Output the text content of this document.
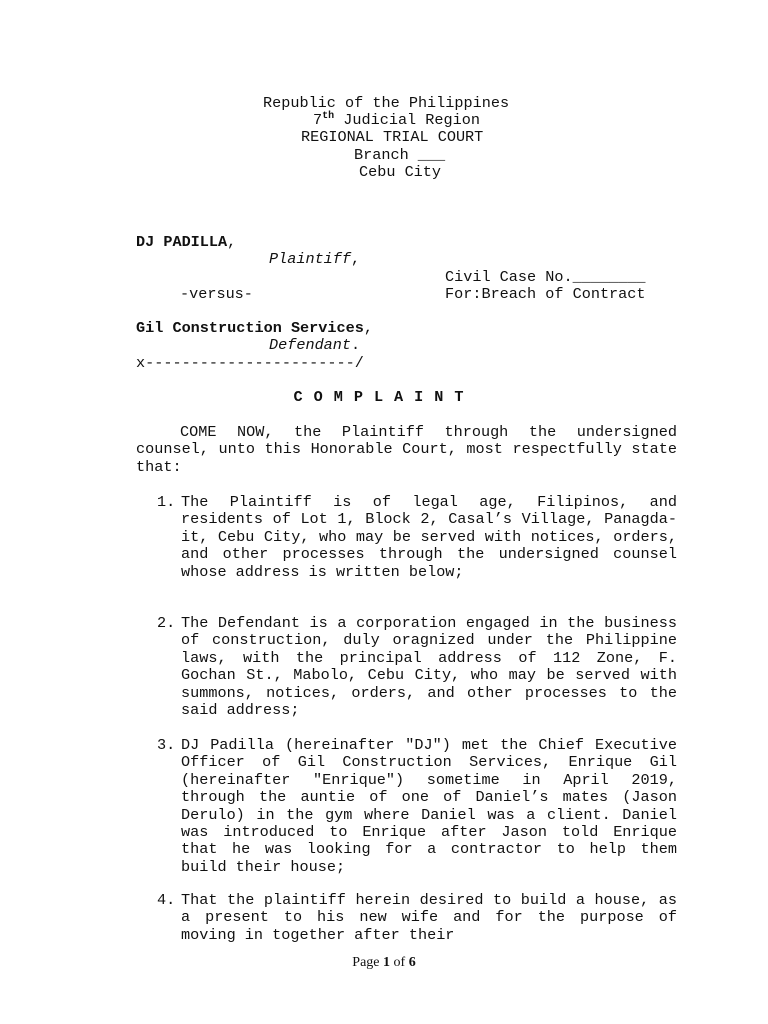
Republic of the Philippines
7th Judicial Region
REGIONAL TRIAL COURT
Branch ___
Cebu City
DJ PADILLA,
Plaintiff,
Civil Case No.________
-versus-	For:Breach of Contract
Gil Construction Services,
Defendant.
x-----------------------/
COMPLAINT
COME NOW, the Plaintiff through the undersigned counsel, unto this Honorable Court, most respectfully state that:
1. The Plaintiff is of legal age, Filipinos, and residents of Lot 1, Block 2, Casal’s Village, Panagda-it, Cebu City, who may be served with notices, orders, and other processes through the undersigned counsel whose address is written below;
2. The Defendant is a corporation engaged in the business of construction, duly oragnized under the Philippine laws, with the principal address of 112 Zone, F. Gochan St., Mabolo, Cebu City, who may be served with summons, notices, orders, and other processes to the said address;
3. DJ Padilla (hereinafter "DJ") met the Chief Executive Officer of Gil Construction Services, Enrique Gil (hereinafter "Enrique") sometime in April 2019, through the auntie of one of Daniel’s mates (Jason Derulo) in the gym where Daniel was a client. Daniel was introduced to Enrique after Jason told Enrique that he was looking for a contractor to help them build their house;
4. That the plaintiff herein desired to build a house, as a present to his new wife and for the purpose of moving in together after their
Page 1 of 6
